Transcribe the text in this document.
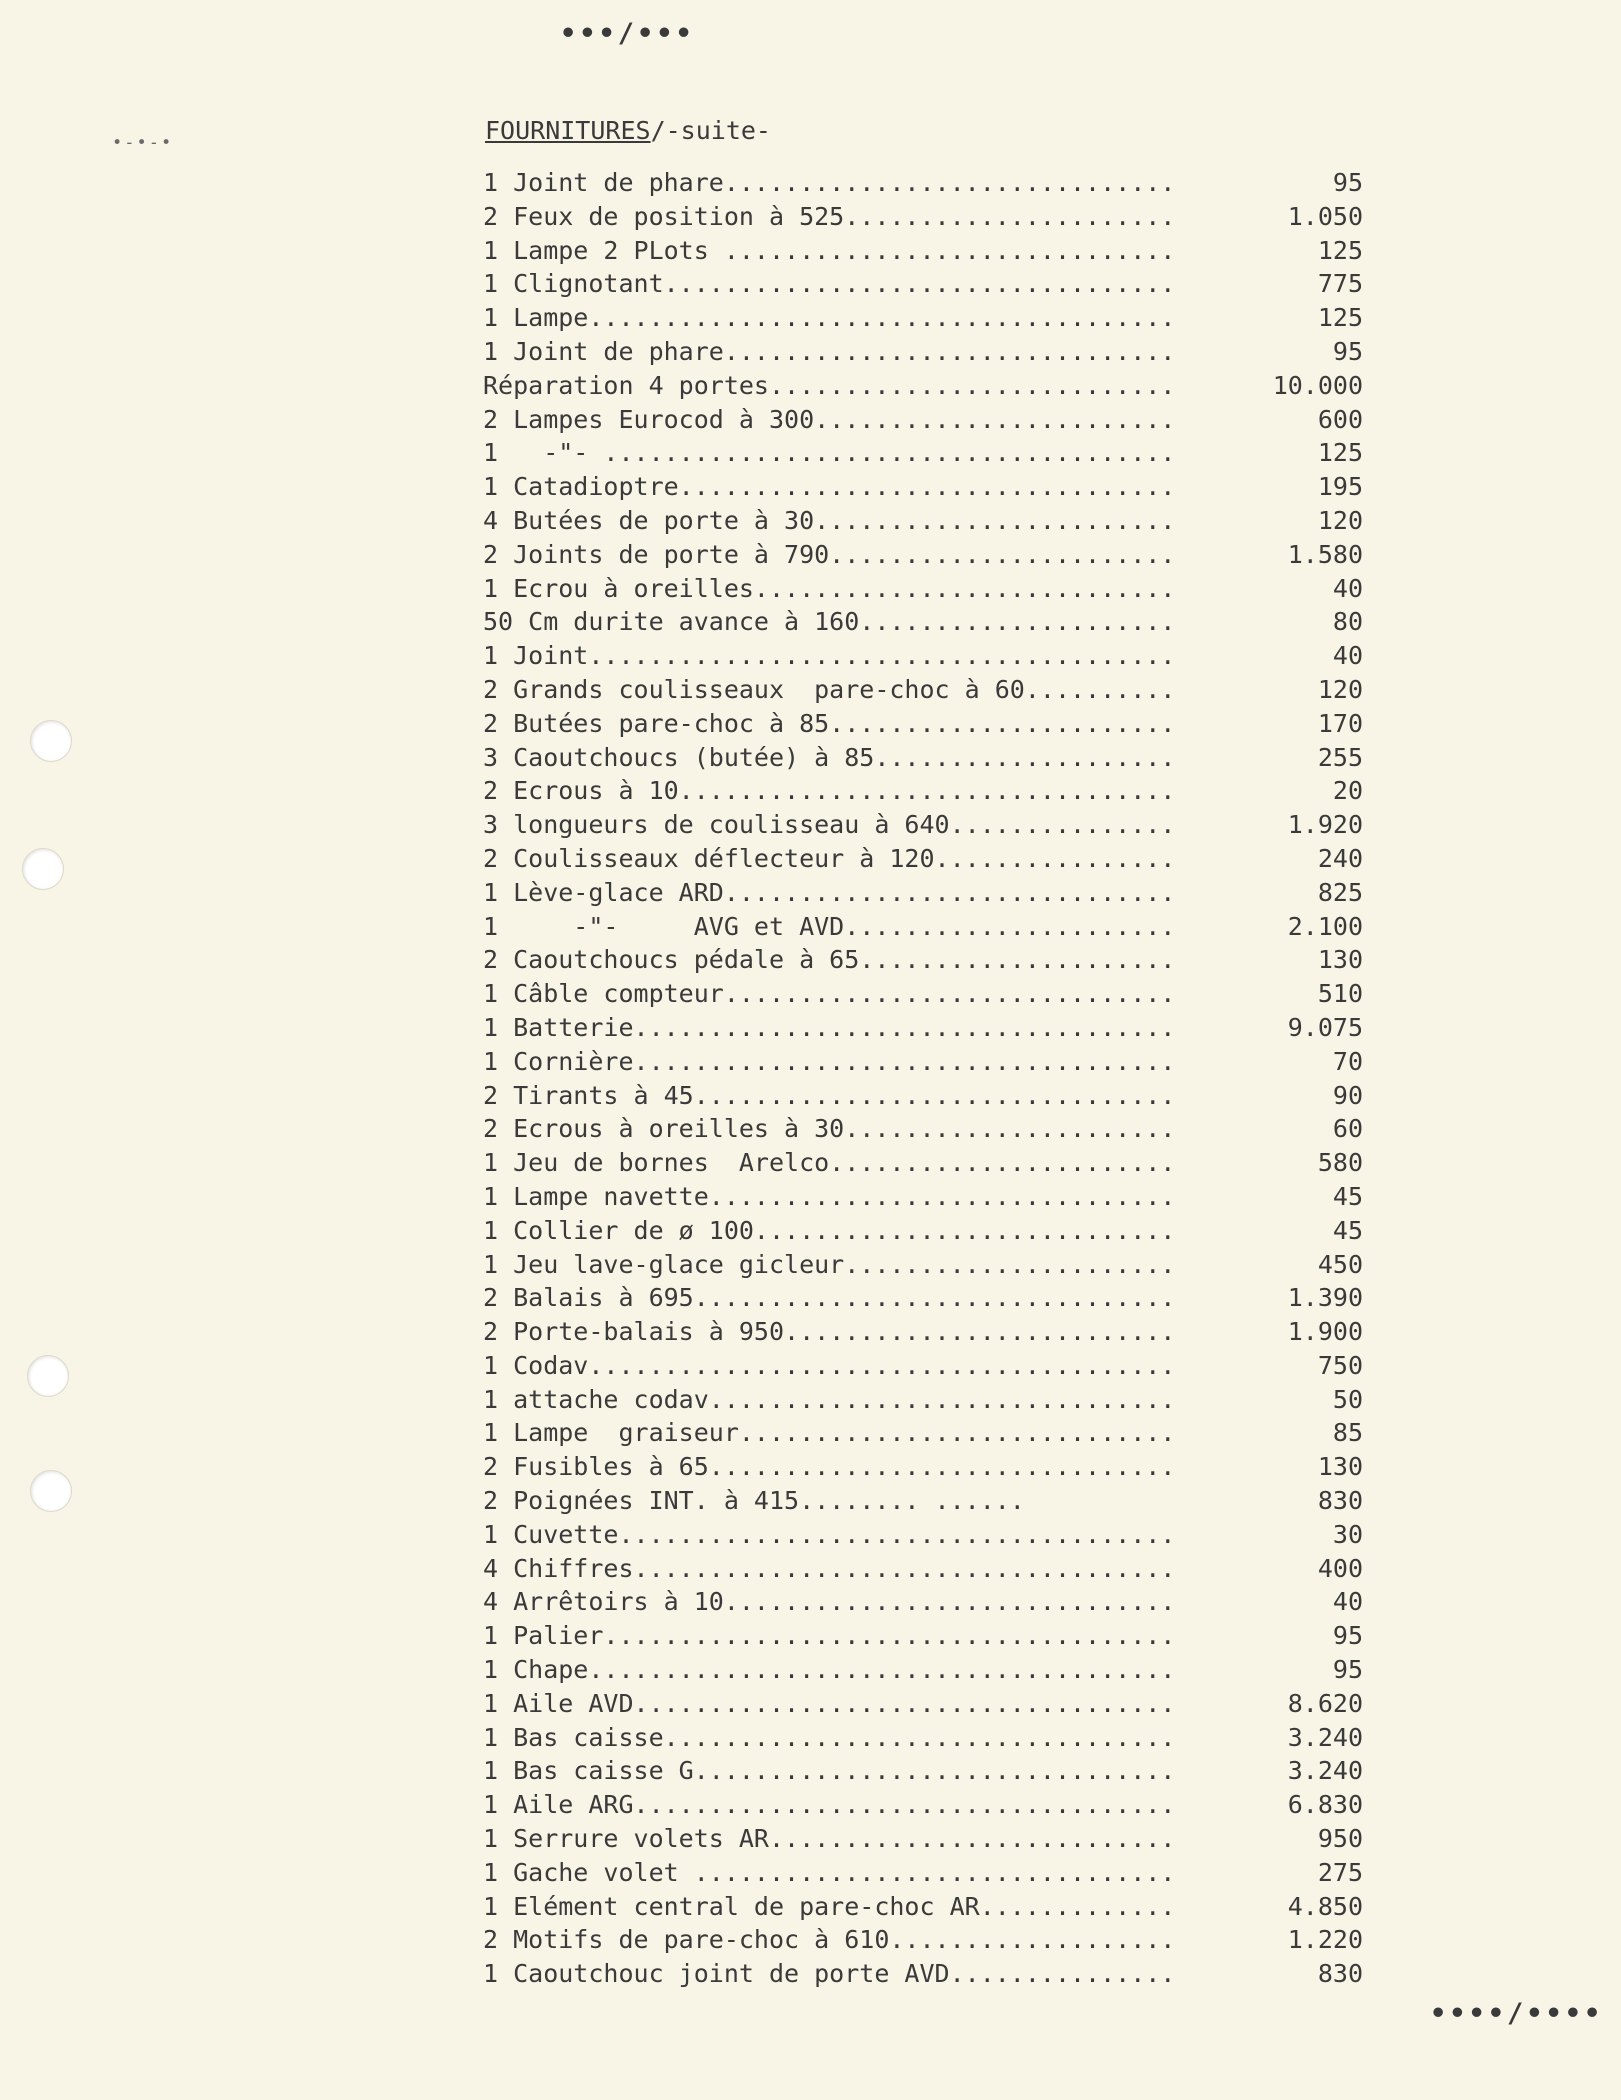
•••/•••
•-•-•	FOURNITURES/-suite-
1 Joint de phare..............................	95
2 Feux de position à 525......................	1.050
1 Lampe 2 PLots ..............................	125
1 Clignotant..................................	775
1 Lampe.......................................	125
1 Joint de phare..............................	95
Réparation 4 portes...........................	10.000
2 Lampes Eurocod à 300........................	600
1   -"- ......................................	125
1 Catadioptre.................................	195
4 Butées de porte à 30........................	120
2 Joints de porte à 790.......................	1.580
1 Ecrou à oreilles............................	40
50 Cm durite avance à 160.....................	80
1 Joint.......................................	40
2 Grands coulisseaux  pare-choc à 60..........	120
2 Butées pare-choc à 85.......................	170
3 Caoutchoucs (butée) à 85....................	255
2 Ecrous à 10.................................	20
3 longueurs de coulisseau à 640...............	1.920
2 Coulisseaux déflecteur à 120................	240
1 Lève-glace ARD..............................	825
1     -"-     AVG et AVD......................	2.100
2 Caoutchoucs pédale à 65.....................	130
1 Câble compteur..............................	510
1 Batterie....................................	9.075
1 Cornière....................................	70
2 Tirants à 45................................	90
2 Ecrous à oreilles à 30......................	60
1 Jeu de bornes  Arelco.......................	580
1 Lampe navette...............................	45
1 Collier de ø 100............................	45
1 Jeu lave-glace gicleur......................	450
2 Balais à 695................................	1.390
2 Porte-balais à 950..........................	1.900
1 Codav.......................................	750
1 attache codav...............................	50
1 Lampe  graiseur.............................	85
2 Fusibles à 65...............................	130
2 Poignées INT. à 415........ ......	830
1 Cuvette.....................................	30
4 Chiffres....................................	400
4 Arrêtoirs à 10..............................	40
1 Palier......................................	95
1 Chape.......................................	95
1 Aile AVD....................................	8.620
1 Bas caisse..................................	3.240
1 Bas caisse G................................	3.240
1 Aile ARG....................................	6.830
1 Serrure volets AR...........................	950
1 Gache volet ................................	275
1 Elément central de pare-choc AR.............	4.850
2 Motifs de pare-choc à 610...................	1.220
1 Caoutchouc joint de porte AVD...............	830
••••/••••
